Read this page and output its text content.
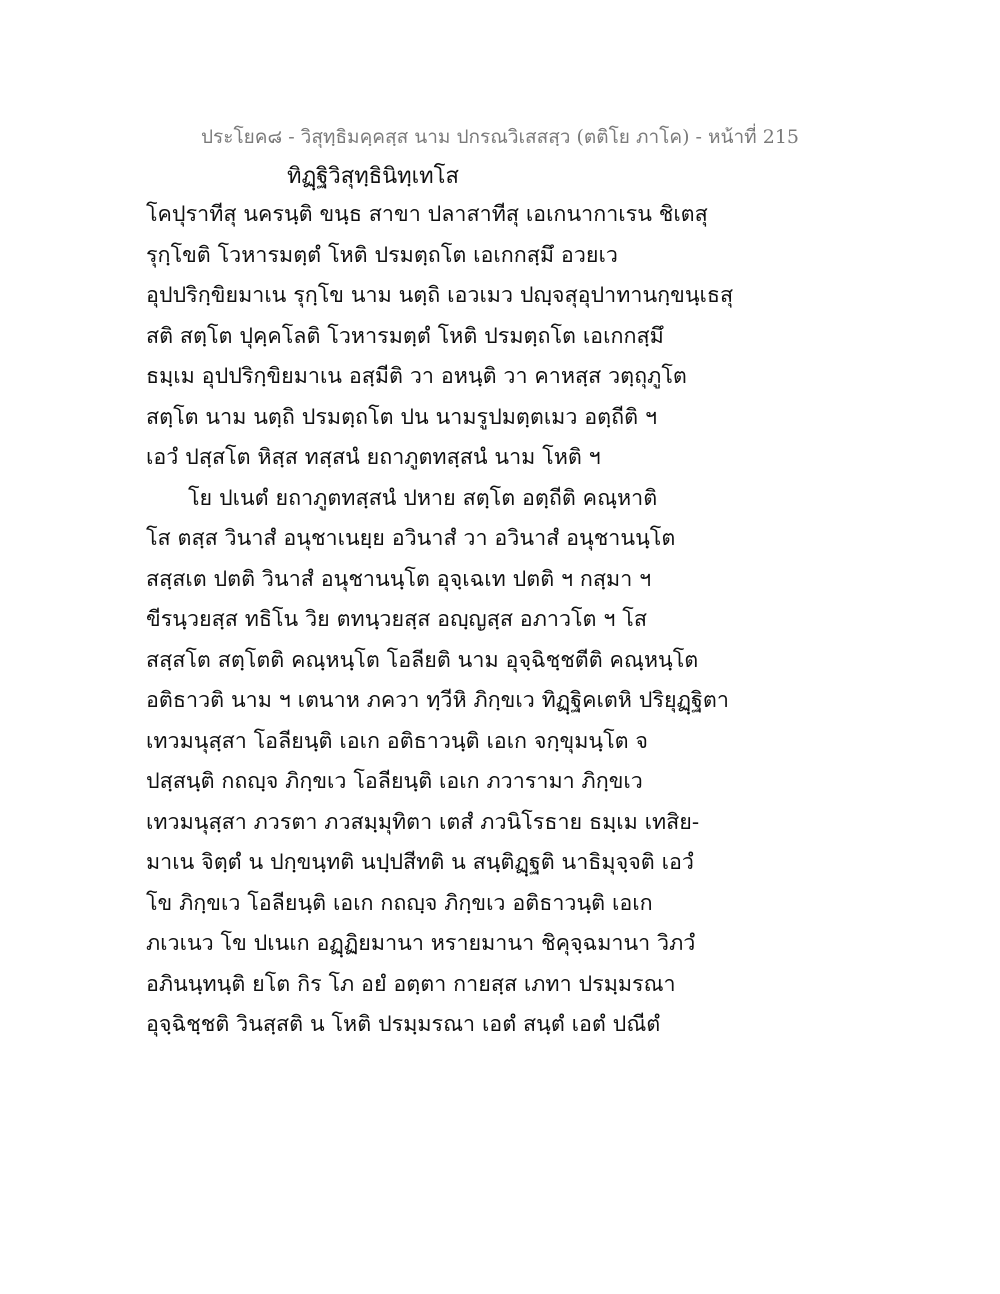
ประโยค๘ - วิสุทฺธิมคฺคสฺส นาม ปกรณวิเสสสฺว (ตติโย ภาโค) - หน้าที่ 215
ทิฏฺฐิวิสุทฺธินิทฺเทโส
โคปุราทีสุ นครนฺติ ขนฺธ สาขา ปลาสาทีสุ เอเกนากาเรน ชิเตสุ
รุกฺโขติ โวหารมตฺตํ โหติ ปรมตฺถโต เอเกกสฺมึ อวยเว
อุปปริกฺขิยมาเน รุกฺโข นาม นตฺถิ เอวเมว ปญฺจสุอุปาทานกฺขนฺเธสุ
สติ สตฺโต ปุคฺคโลติ โวหารมตฺตํ โหติ ปรมตฺถโต เอเกกสฺมึ
ธมฺเม อุปปริกฺขิยมาเน อสฺมีติ วา อหนฺติ วา คาหสฺส วตฺถุภูโต
สตฺโต นาม นตฺถิ ปรมตฺถโต ปน นามรูปมตฺตเมว อตฺถีติ ฯ
เอวํ ปสฺสโต หิสฺส ทสฺสนํ ยถาภูตทสฺสนํ นาม โหติ ฯ
โย ปเนตํ ยถาภูตทสฺสนํ ปหาย สตฺโต อตฺถีติ คณฺหาติ
โส ตสฺส วินาสํ อนุชาเนยฺย อวินาสํ วา อวินาสํ อนุชานนฺโต
สสฺสเต ปตติ วินาสํ อนุชานนฺโต อุจฺเฉเท ปตติ ฯ กสฺมา ฯ
ขีรนฺวยสฺส ทธิโน วิย ตทนฺวยสฺส อญฺญสฺส อภาวโต ฯ โส
สสฺสโต สตฺโตติ คณฺหนฺโต โอลียติ นาม อุจฺฉิชฺชตีติ คณฺหนฺโต
อติธาวติ นาม ฯ เตนาห ภควา ทฺวีหิ ภิกฺขเว ทิฏฺฐิคเตหิ ปริยุฏฺฐิตา
เทวมนุสฺสา โอลียนฺติ เอเก อติธาวนฺติ เอเก จกฺขุมนฺโต จ
ปสฺสนฺติ กถญฺจ ภิกฺขเว โอลียนฺติ เอเก ภวารามา ภิกฺขเว
เทวมนุสฺสา ภวรตา ภวสมฺมุทิตา เตสํ ภวนิโรธาย ธมฺเม เทสิย-
มาเน จิตฺตํ น ปกฺขนฺทติ นปฺปสีทติ น สนฺติฏฺฐติ นาธิมุจฺจติ เอวํ
โข ภิกฺขเว โอลียนฺติ เอเก กถญฺจ ภิกฺขเว อติธาวนฺติ เอเก
ภเวเนว โข ปเนเก อฏฺฏิยมานา หรายมานา ชิคุจฺฉมานา วิภวํ
อภินนฺทนฺติ ยโต กิร โภ อยํ อตฺตา กายสฺส เภทา ปรมฺมรณา
อุจฺฉิชฺชติ วินสฺสติ น โหติ ปรมฺมรณา เอตํ สนฺตํ เอตํ ปณีตํ
